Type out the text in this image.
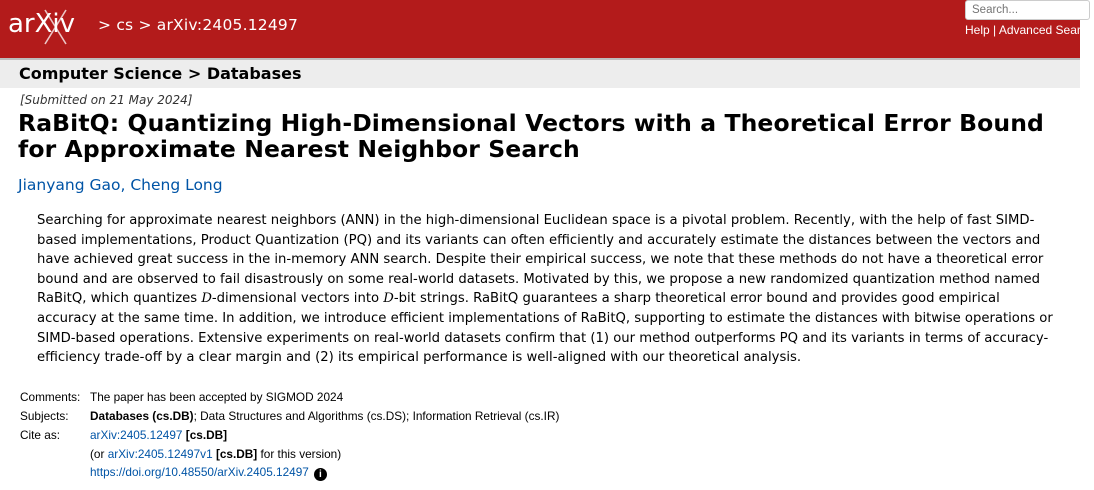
arXiv > cs > arXiv:2405.12497
Search...
Help | Advanced Search
Computer Science > Databases
[Submitted on 21 May 2024]
RaBitQ: Quantizing High-Dimensional Vectors with a Theoretical Error Bound for Approximate Nearest Neighbor Search
Jianyang Gao, Cheng Long
Searching for approximate nearest neighbors (ANN) in the high-dimensional Euclidean space is a pivotal problem. Recently, with the help of fast SIMD-based implementations, Product Quantization (PQ) and its variants can often efficiently and accurately estimate the distances between the vectors and have achieved great success in the in-memory ANN search. Despite their empirical success, we note that these methods do not have a theoretical error bound and are observed to fail disastrously on some real-world datasets. Motivated by this, we propose a new randomized quantization method named RaBitQ, which quantizes D-dimensional vectors into D-bit strings. RaBitQ guarantees a sharp theoretical error bound and provides good empirical accuracy at the same time. In addition, we introduce efficient implementations of RaBitQ, supporting to estimate the distances with bitwise operations or SIMD-based operations. Extensive experiments on real-world datasets confirm that (1) our method outperforms PQ and its variants in terms of accuracy-efficiency trade-off by a clear margin and (2) its empirical performance is well-aligned with our theoretical analysis.
Comments: The paper has been accepted by SIGMOD 2024
Subjects:	Databases (cs.DB); Data Structures and Algorithms (cs.DS); Information Retrieval (cs.IR)
Cite as:	arXiv:2405.12497 [cs.DB]
(or arXiv:2405.12497v1 [cs.DB] for this version)
https://doi.org/10.48550/arXiv.2405.12497 i
